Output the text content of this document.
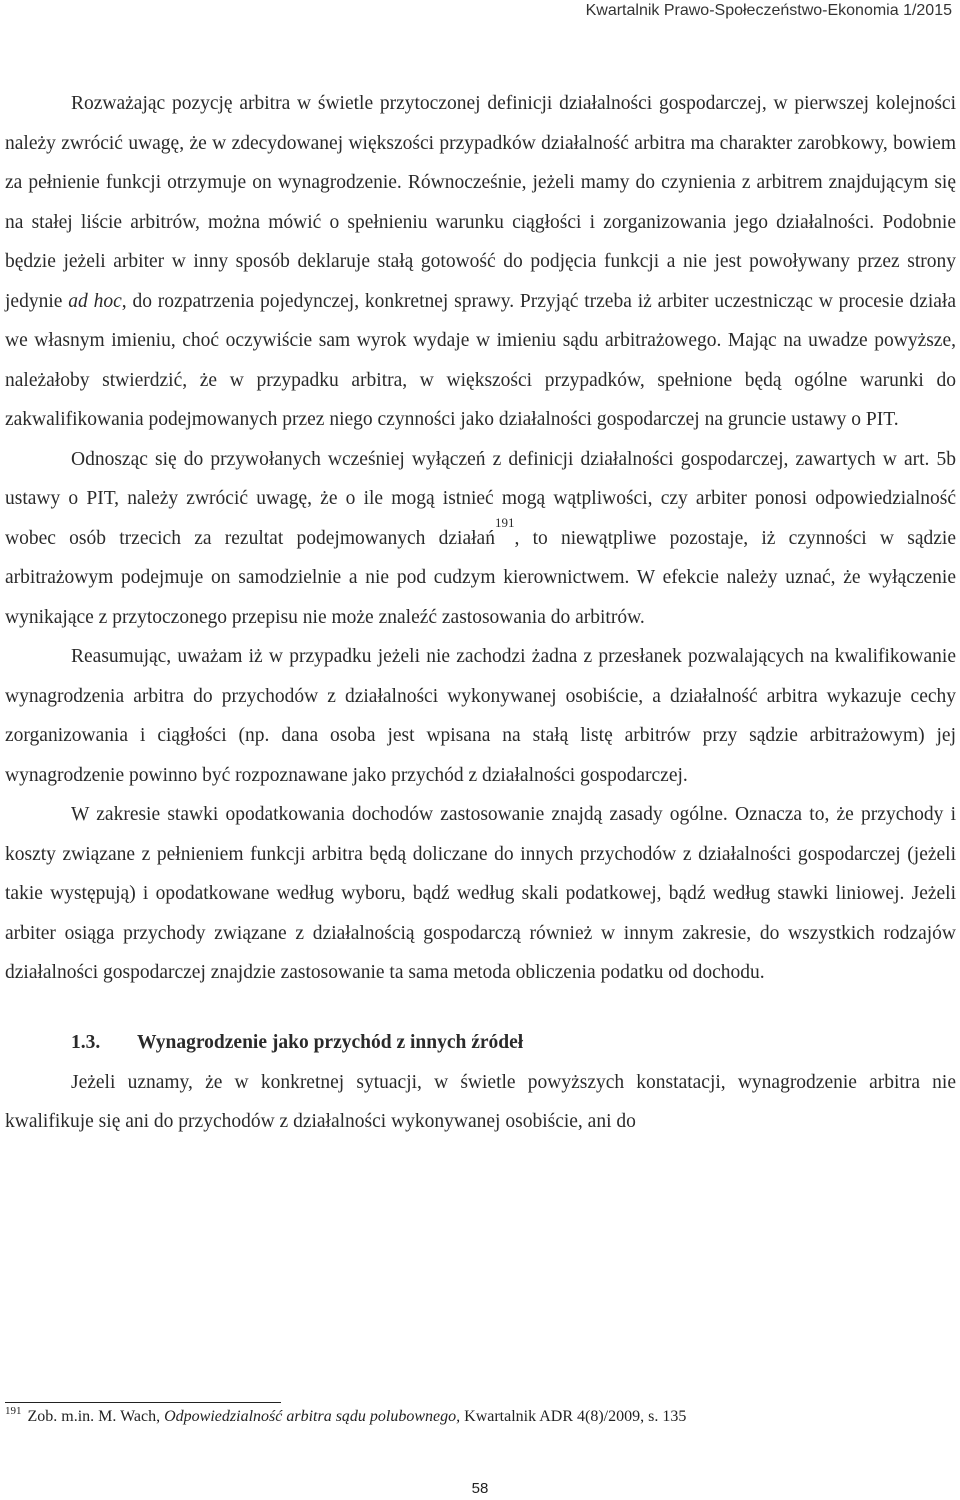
Kwartalnik Prawo-Społeczeństwo-Ekonomia 1/2015

Rozważając pozycję arbitra w świetle przytoczonej definicji działalności gospodarczej, w pierwszej kolejności należy zwrócić uwagę, że w zdecydowanej większości przypadków działalność arbitra ma charakter zarobkowy, bowiem za pełnienie funkcji otrzymuje on wynagrodzenie. Równocześnie, jeżeli mamy do czynienia z arbitrem znajdującym się na stałej liście arbitrów, można mówić o spełnieniu warunku ciągłości i zorganizowania jego działalności. Podobnie będzie jeżeli arbiter w inny sposób deklaruje stałą gotowość do podjęcia funkcji a nie jest powoływany przez strony jedynie ad hoc, do rozpatrzenia pojedynczej, konkretnej sprawy. Przyjąć trzeba iż arbiter uczestnicząc w procesie działa we własnym imieniu, choć oczywiście sam wyrok wydaje w imieniu sądu arbitrażowego. Mając na uwadze powyższe, należałoby stwierdzić, że w przypadku arbitra, w większości przypadków, spełnione będą ogólne warunki do zakwalifikowania podejmowanych przez niego czynności jako działalności gospodarczej na gruncie ustawy o PIT.

Odnosząc się do przywołanych wcześniej wyłączeń z definicji działalności gospodarczej, zawartych w art. 5b ustawy o PIT, należy zwrócić uwagę, że o ile mogą istnieć mogą wątpliwości, czy arbiter ponosi odpowiedzialność wobec osób trzecich za rezultat podejmowanych działań$^{191}$, to niewątpliwe pozostaje, iż czynności w sądzie arbitrażowym podejmuje on samodzielnie a nie pod cudzym kierownictwem. W efekcie należy uznać, że wyłączenie wynikające z przytoczonego przepisu nie może znaleźć zastosowania do arbitrów.

Reasumując, uważam iż w przypadku jeżeli nie zachodzi żadna z przesłanek pozwalających na kwalifikowanie wynagrodzenia arbitra do przychodów z działalności wykonywanej osobiście, a działalność arbitra wykazuje cechy zorganizowania i ciągłości (np. dana osoba jest wpisana na stałą listę arbitrów przy sądzie arbitrażowym) jej wynagrodzenie powinno być rozpoznawane jako przychód z działalności gospodarczej.

W zakresie stawki opodatkowania dochodów zastosowanie znajdą zasady ogólne. Oznacza to, że przychody i koszty związane z pełnieniem funkcji arbitra będą doliczane do innych przychodów z działalności gospodarczej (jeżeli takie występują) i opodatkowane według wyboru, bądź według skali podatkowej, bądź według stawki liniowej. Jeżeli arbiter osiąga przychody związane z działalnością gospodarczą również w innym zakresie, do wszystkich rodzajów działalności gospodarczej znajdzie zastosowanie ta sama metoda obliczenia podatku od dochodu.

1.3. Wynagrodzenie jako przychód z innych źródeł

Jeżeli uznamy, że w konkretnej sytuacji, w świetle powyższych konstatacji, wynagrodzenie arbitra nie kwalifikuje się ani do przychodów z działalności wykonywanej osobiście, ani do

$^{191}$ Zob. m.in. M. Wach, Odpowiedzialność arbitra sądu polubownego, Kwartalnik ADR 4(8)/2009, s. 135
58
